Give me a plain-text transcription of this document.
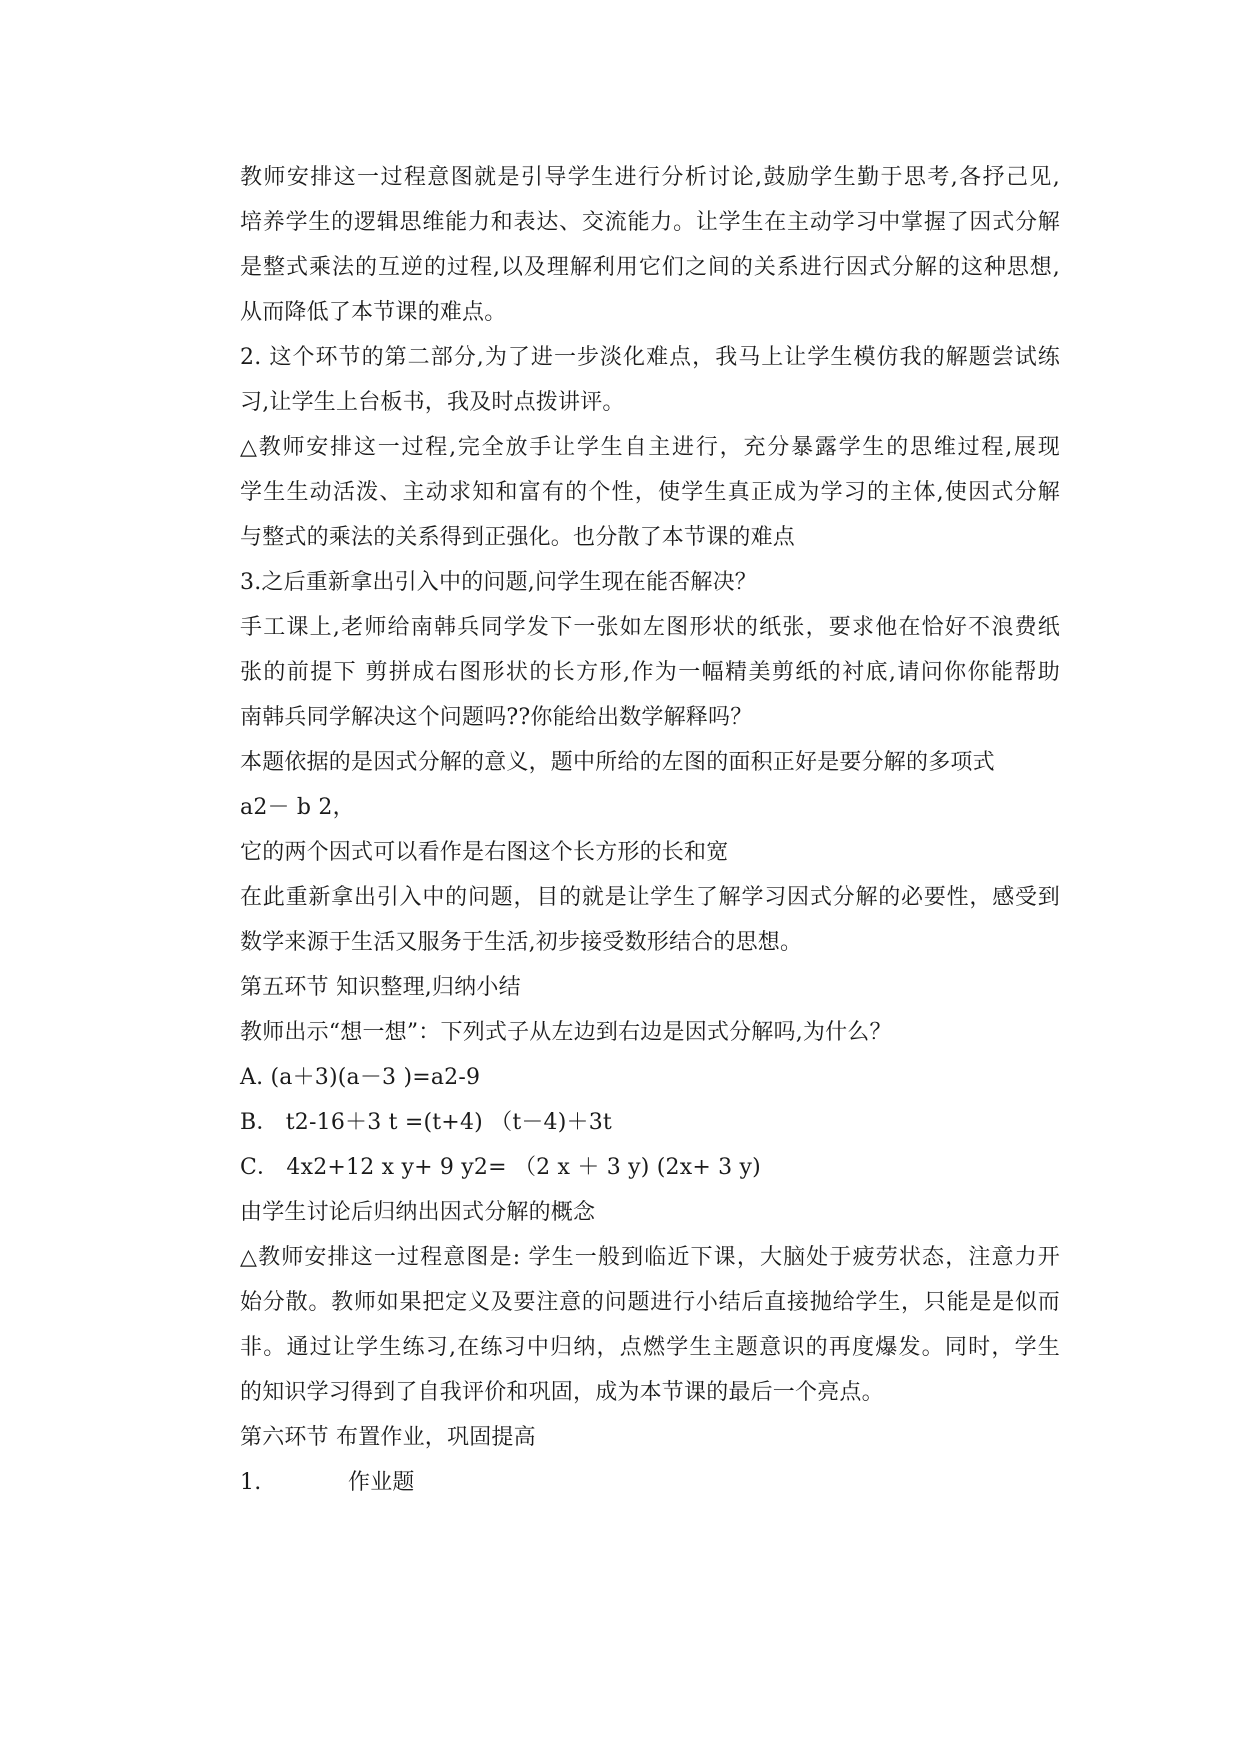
教师安排这一过程意图就是引导学生进行分析讨论,鼓励学生勤于思考,各抒己见,
培养学生的逻辑思维能力和表达、交流能力。让学生在主动学习中掌握了因式分解
是整式乘法的互逆的过程,以及理解利用它们之间的关系进行因式分解的这种思想,
从而降低了本节课的难点。
2. 这个环节的第二部分,为了进一步淡化难点，我马上让学生模仿我的解题尝试练
习,让学生上台板书，我及时点拨讲评。
△教师安排这一过程,完全放手让学生自主进行，充分暴露学生的思维过程,展现
学生生动活泼、主动求知和富有的个性，使学生真正成为学习的主体,使因式分解
与整式的乘法的关系得到正强化。也分散了本节课的难点
3.之后重新拿出引入中的问题,问学生现在能否解决？
手工课上,老师给南韩兵同学发下一张如左图形状的纸张，要求他在恰好不浪费纸
张的前提下 剪拼成右图形状的长方形,作为一幅精美剪纸的衬底,请问你你能帮助
南韩兵同学解决这个问题吗??你能给出数学解释吗？
本题依据的是因式分解的意义，题中所给的左图的面积正好是要分解的多项式
a2－ b 2，
它的两个因式可以看作是右图这个长方形的长和宽
在此重新拿出引入中的问题，目的就是让学生了解学习因式分解的必要性，感受到
数学来源于生活又服务于生活,初步接受数形结合的思想。
第五环节 知识整理,归纳小结
教师出示“想一想”：下列式子从左边到右边是因式分解吗,为什么？
A. (a＋3)(a－3 )=a2-9
B． t2-16＋3 t =(t+4) （t－4)＋3t
C． 4x2+12 x y+ 9 y2= （2 x ＋ 3 y) (2x+ 3 y)
由学生讨论后归纳出因式分解的概念
△教师安排这一过程意图是: 学生一般到临近下课，大脑处于疲劳状态，注意力开
始分散。教师如果把定义及要注意的问题进行小结后直接抛给学生，只能是是似而
非。通过让学生练习,在练习中归纳，点燃学生主题意识的再度爆发。同时，学生
的知识学习得到了自我评价和巩固，成为本节课的最后一个亮点。
第六环节 布置作业，巩固提高
1.	作业题
